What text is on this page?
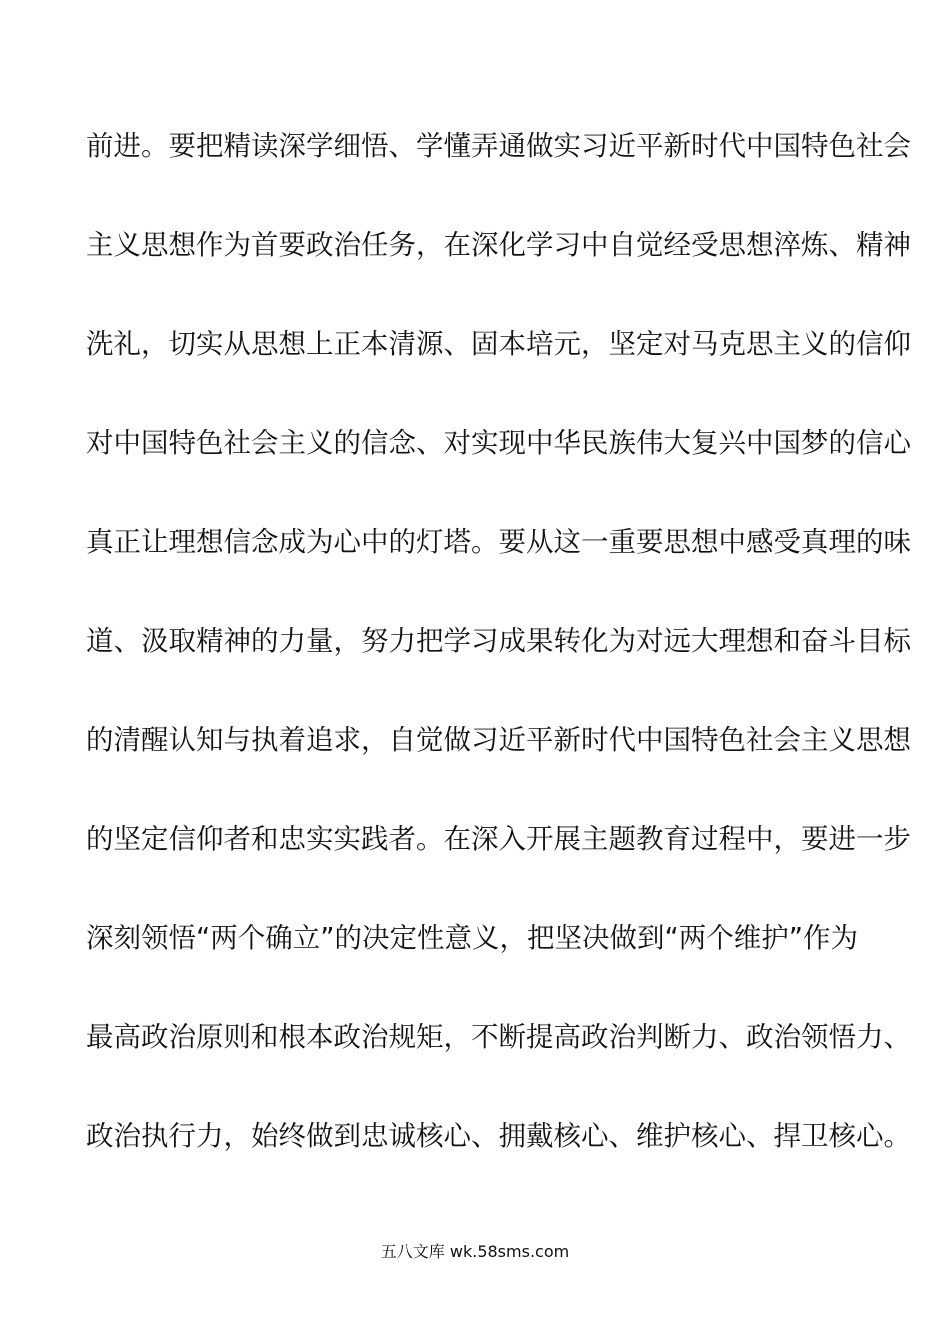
前进。要把精读深学细悟、学懂弄通做实习近平新时代中国特色社会
主义思想作为首要政治任务，在深化学习中自觉经受思想淬炼、精神
洗礼，切实从思想上正本清源、固本培元，坚定对马克思主义的信仰
对中国特色社会主义的信念、对实现中华民族伟大复兴中国梦的信心
真正让理想信念成为心中的灯塔。要从这一重要思想中感受真理的味
道、汲取精神的力量，努力把学习成果转化为对远大理想和奋斗目标
的清醒认知与执着追求，自觉做习近平新时代中国特色社会主义思想
的坚定信仰者和忠实实践者。在深入开展主题教育过程中，要进一步
深刻领悟“两个确立”的决定性意义，把坚决做到“两个维护”作为
最高政治原则和根本政治规矩，不断提高政治判断力、政治领悟力、
政治执行力，始终做到忠诚核心、拥戴核心、维护核心、捍卫核心。
五八文库 wk.58sms.com
